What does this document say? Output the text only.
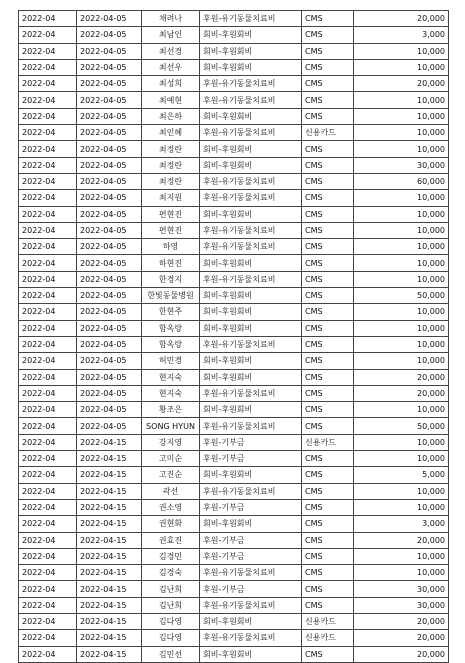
2022-04	2022-04-05	채려나	후원-유기동물치료비	CMS	20,000
2022-04	2022-04-05	최남인	회비-후원회비	CMS	3,000
2022-04	2022-04-05	최선경	회비-후원회비	CMS	10,000
2022-04	2022-04-05	최선우	회비-후원회비	CMS	10,000
2022-04	2022-04-05	최성희	후원-유기동물치료비	CMS	20,000
2022-04	2022-04-05	최예현	후원-유기동물치료비	CMS	10,000
2022-04	2022-04-05	최은하	회비-후원회비	CMS	10,000
2022-04	2022-04-05	최인혜	후원-유기동물치료비	신용카드	10,000
2022-04	2022-04-05	최정란	회비-후원회비	CMS	10,000
2022-04	2022-04-05	최정란	회비-후원회비	CMS	30,000
2022-04	2022-04-05	최정란	후원-유기동물치료비	CMS	60,000
2022-04	2022-04-05	최지원	후원-유기동물치료비	CMS	10,000
2022-04	2022-04-05	편현진	회비-후원회비	CMS	10,000
2022-04	2022-04-05	편현진	후원-유기동물치료비	CMS	10,000
2022-04	2022-04-05	하영	후원-유기동물치료비	CMS	10,000
2022-04	2022-04-05	하현진	회비-후원회비	CMS	10,000
2022-04	2022-04-05	한경지	후원-유기동물치료비	CMS	10,000
2022-04	2022-04-05	한빛동물병원	회비-후원회비	CMS	50,000
2022-04	2022-04-05	한현주	회비-후원회비	CMS	10,000
2022-04	2022-04-05	함옥랑	회비-후원회비	CMS	10,000
2022-04	2022-04-05	함옥랑	후원-유기동물치료비	CMS	10,000
2022-04	2022-04-05	허민경	회비-후원회비	CMS	10,000
2022-04	2022-04-05	현지숙	회비-후원회비	CMS	20,000
2022-04	2022-04-05	현지숙	후원-유기동물치료비	CMS	20,000
2022-04	2022-04-05	황조은	회비-후원회비	CMS	10,000
2022-04	2022-04-05	SONG HYUN	후원-유기동물치료비	CMS	50,000
2022-04	2022-04-15	강지영	후원-기부금	신용카드	10,000
2022-04	2022-04-15	고미순	후원-기부금	CMS	10,000
2022-04	2022-04-15	고진순	회비-후원회비	CMS	5,000
2022-04	2022-04-15	곽선	후원-유기동물치료비	CMS	10,000
2022-04	2022-04-15	권소영	후원-기부금	CMS	10,000
2022-04	2022-04-15	권현화	회비-후원회비	CMS	3,000
2022-04	2022-04-15	권효진	후원-기부금	CMS	20,000
2022-04	2022-04-15	김경민	후원-기부금	CMS	10,000
2022-04	2022-04-15	김경숙	후원-유기동물치료비	CMS	10,000
2022-04	2022-04-15	김난희	후원-기부금	CMS	30,000
2022-04	2022-04-15	김난희	후원-유기동물치료비	CMS	30,000
2022-04	2022-04-15	김다영	회비-후원회비	신용카드	20,000
2022-04	2022-04-15	김다영	후원-유기동물치료비	신용카드	20,000
2022-04	2022-04-15	김민선	회비-후원회비	CMS	20,000
